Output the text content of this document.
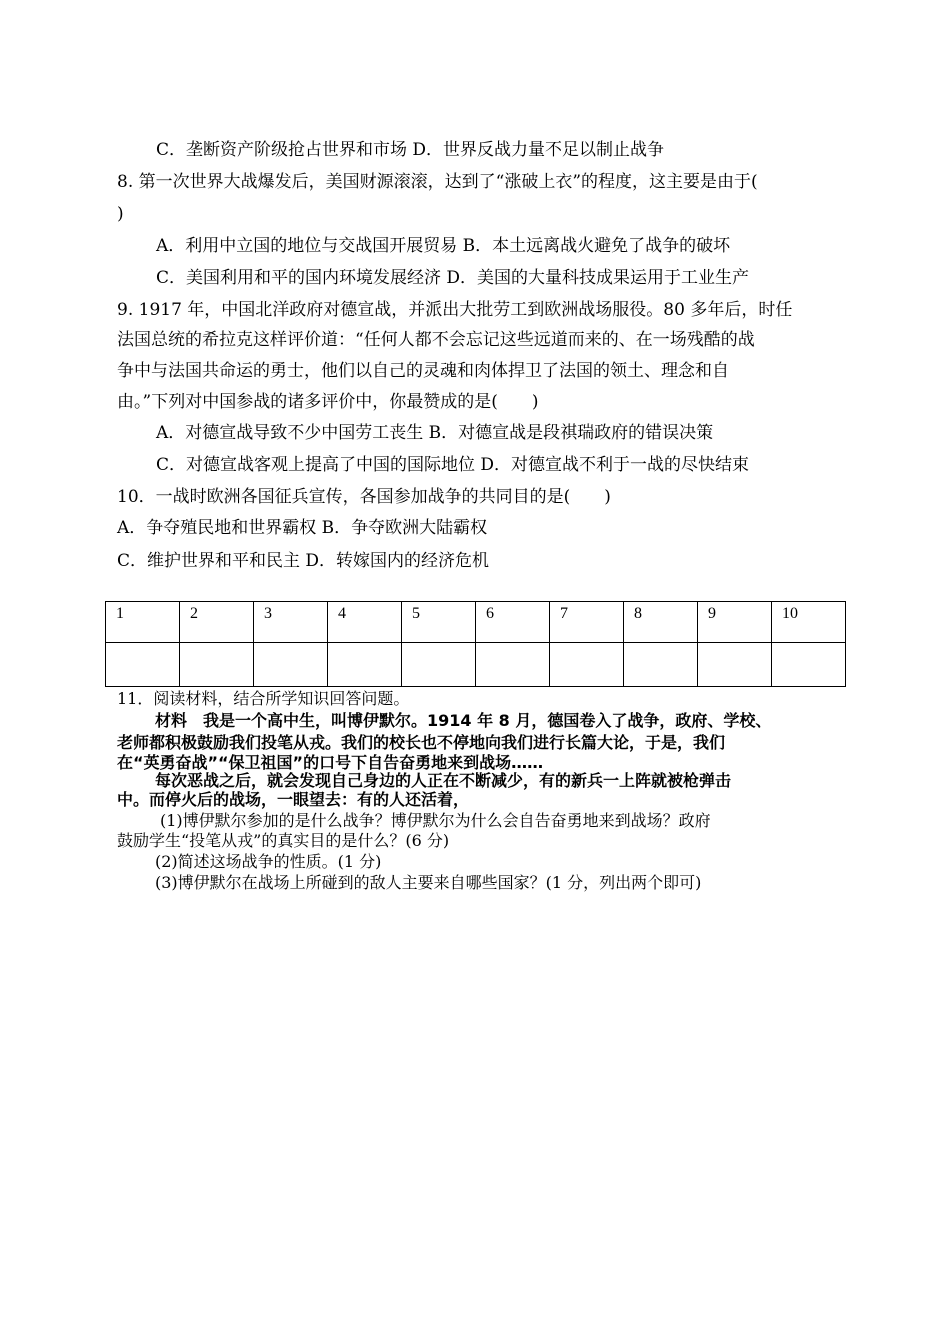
C．垄断资产阶级抢占世界和市场 D．世界反战力量不足以制止战争
8. 第一次世界大战爆发后，美国财源滚滚，达到了“涨破上衣”的程度，这主要是由于(
)
A．利用中立国的地位与交战国开展贸易 B．本土远离战火避免了战争的破坏
C．美国利用和平的国内环境发展经济 D．美国的大量科技成果运用于工业生产
9. 1917 年，中国北洋政府对德宣战，并派出大批劳工到欧洲战场服役。80 多年后，时任
法国总统的希拉克这样评价道：“任何人都不会忘记这些远道而来的、在一场残酷的战
争中与法国共命运的勇士，他们以自己的灵魂和肉体捍卫了法国的领土、理念和自
由。”下列对中国参战的诸多评价中，你最赞成的是(　　)
A．对德宣战导致不少中国劳工丧生 B．对德宣战是段祺瑞政府的错误决策
C．对德宣战客观上提高了中国的国际地位 D．对德宣战不利于一战的尽快结束
10．一战时欧洲各国征兵宣传，各国参加战争的共同目的是(　　)
A．争夺殖民地和世界霸权 B．争夺欧洲大陆霸权
C．维护世界和平和民主 D．转嫁国内的经济危机
1	2	3	4	5	6	7	8	9	10

11．阅读材料，结合所学知识回答问题。
材料　我是一个高中生，叫博伊默尔。1914 年 8 月，德国卷入了战争，政府、学校、
老师都积极鼓励我们投笔从戎。我们的校长也不停地向我们进行长篇大论，于是，我们
在“英勇奋战”“保卫祖国”的口号下自告奋勇地来到战场……
每次恶战之后，就会发现自己身边的人正在不断减少，有的新兵一上阵就被枪弹击
中。而停火后的战场，一眼望去：有的人还活着，
(1)博伊默尔参加的是什么战争？博伊默尔为什么会自告奋勇地来到战场？政府
鼓励学生“投笔从戎”的真实目的是什么？(6 分)
(2)简述这场战争的性质。(1 分)
(3)博伊默尔在战场上所碰到的敌人主要来自哪些国家？(1 分，列出两个即可)
